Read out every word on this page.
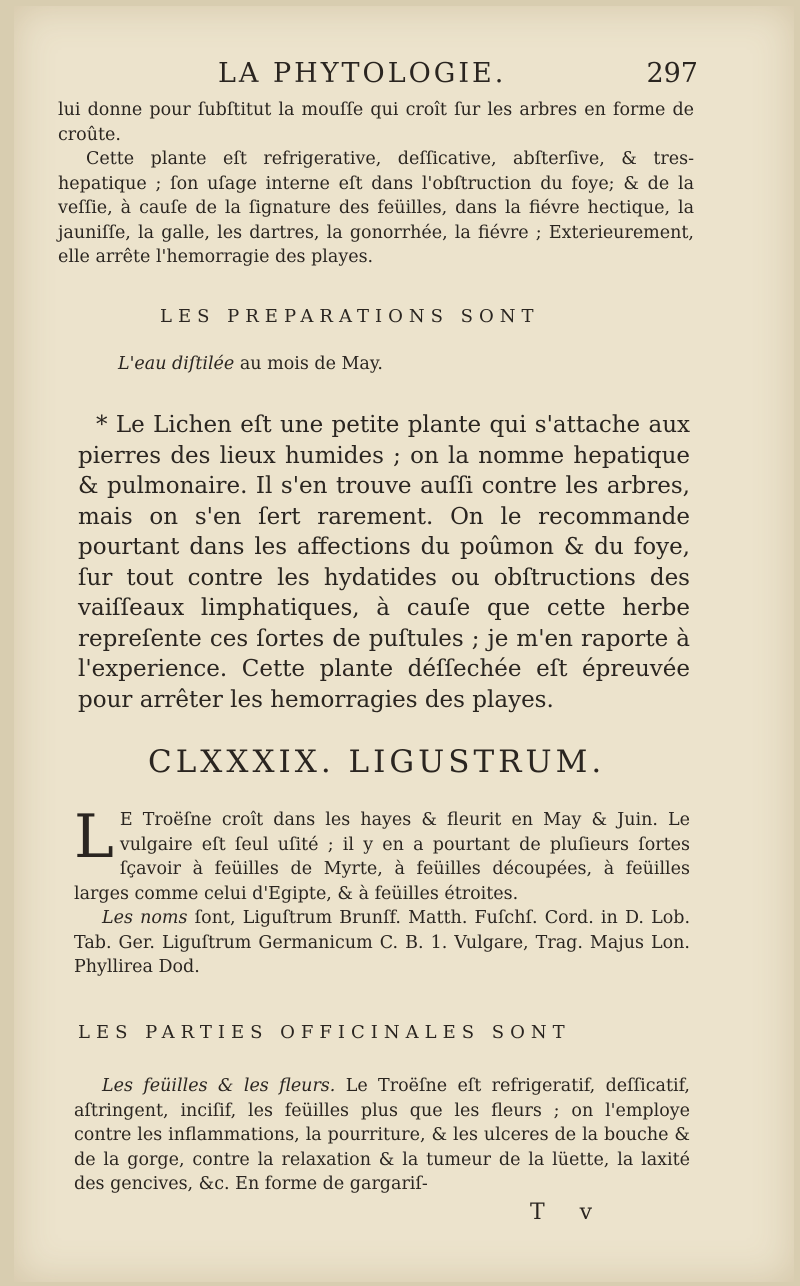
LA PHYTOLOGIE.	297

lui donne pour ſubſtitut la mouſſe qui croît ſur les arbres en forme de croûte.

Cette plante eſt refrigerative, deſſicative, abſterſive, & tres-hepatique ; ſon uſage interne eſt dans l'obſtruction du foye; & de la veſſie, à cauſe de la ſignature des feüilles, dans la fiévre hectique, la jauniſſe, la galle, les dartres, la gonorrhée, la fiévre ; Exterieurement, elle arrête l'hemorragie des playes.

LES PREPARATIONS SONT
L'eau diſtilée au mois de May.

* Le Lichen eſt une petite plante qui s'attache aux pierres des lieux humides ; on la nomme hepatique & pulmonaire. Il s'en trouve auſſi contre les arbres, mais on s'en ſert rarement. On le recommande pourtant dans les affections du poûmon & du foye, ſur tout contre les hydatides ou obſtructions des vaiſſeaux limphatiques, à cauſe que cette herbe repreſente ces ſortes de puſtules ; je m'en raporte à l'experience. Cette plante déſſechée eſt épreuvée pour arrêter les hemorragies des playes.

CLXXXIX. LIGUSTRUM.
L E Troëſne croît dans les hayes & fleurit en May & Juin. Le vulgaire eſt ſeul uſité ; il y en a pourtant de pluſieurs ſortes ſçavoir à feüilles de Myrte, à feüilles découpées, à feüilles larges comme celui d'Egipte, & à feüilles étroites.

Les noms ſont, Liguſtrum Brunſf. Matth. Fuſchſ. Cord. in D. Lob. Tab. Ger. Liguſtrum Germanicum C. B. 1. Vulgare, Trag. Majus Lon. Phyllirea Dod.

LES PARTIES OFFICINALES SONT

Les feüilles & les fleurs. Le Troëſne eſt refrigeratif, deſſicatif, aſtringent, inciſif, les feüilles plus que les fleurs ; on l'employe contre les inflammations, la pourriture, & les ulceres de la bouche & de la gorge, contre la relaxation & la tumeur de la lüette, la laxité des gencives, &c. En forme de gargariſ-

T v
